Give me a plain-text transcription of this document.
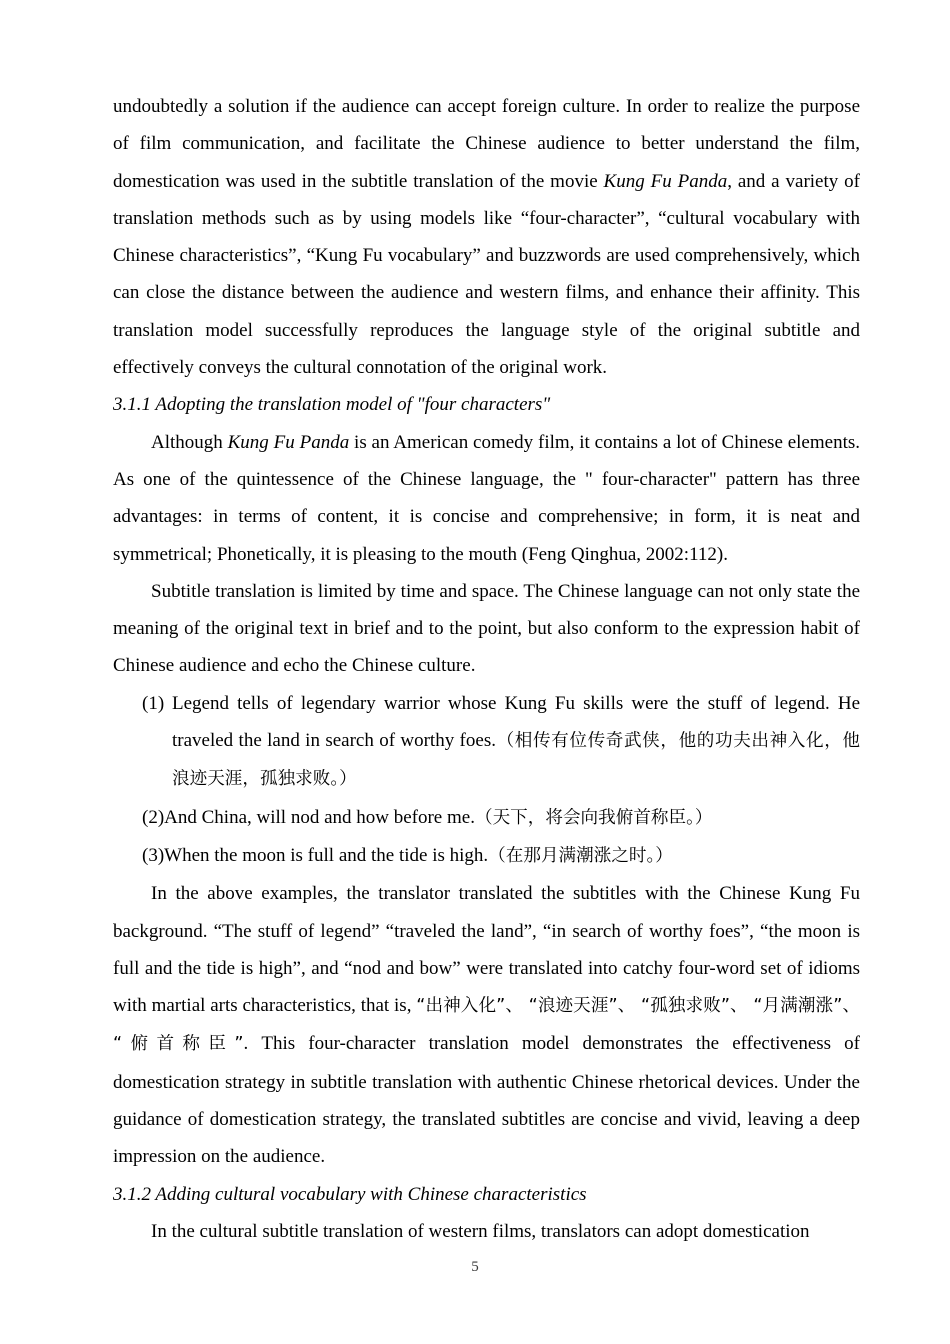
undoubtedly a solution if the audience can accept foreign culture. In order to realize the purpose of film communication, and facilitate the Chinese audience to better understand the film, domestication was used in the subtitle translation of the movie Kung Fu Panda, and a variety of translation methods such as by using models like “four-character”, “cultural vocabulary with Chinese characteristics”, “Kung Fu vocabulary” and buzzwords are used comprehensively, which can close the distance between the audience and western films, and enhance their affinity. This translation model successfully reproduces the language style of the original subtitle and effectively conveys the cultural connotation of the original work.

3.1.1 Adopting the translation model of "four characters"

Although Kung Fu Panda is an American comedy film, it contains a lot of Chinese elements. As one of the quintessence of the Chinese language, the " four-character" pattern has three advantages: in terms of content, it is concise and comprehensive; in form, it is neat and symmetrical; Phonetically, it is pleasing to the mouth (Feng Qinghua, 2002:112).

Subtitle translation is limited by time and space. The Chinese language can not only state the meaning of the original text in brief and to the point, but also conform to the expression habit of Chinese audience and echo the Chinese culture.

(1) Legend tells of legendary warrior whose Kung Fu skills were the stuff of legend. He traveled the land in search of worthy foes.（相传有位传奇武侠，他的功夫出神入化，他浪迹天涯，孤独求败。）

(2)And China, will nod and how before me.（天下，将会向我俯首称臣。）

(3)When the moon is full and the tide is high.（在那月满潮涨之时。）

In the above examples, the translator translated the subtitles with the Chinese Kung Fu background. “The stuff of legend” “traveled the land”, “in search of worthy foes”, “the moon is full and the tide is high”, and “nod and bow” were translated into catchy four-word set of idioms with martial arts characteristics, that is, “出神入化”、 “浪迹天涯”、 “孤独求败”、 “月满潮涨”、 “俯首称臣”. This four-character translation model demonstrates the effectiveness of domestication strategy in subtitle translation with authentic Chinese rhetorical devices. Under the guidance of domestication strategy, the translated subtitles are concise and vivid, leaving a deep impression on the audience.

3.1.2 Adding cultural vocabulary with Chinese characteristics

In the cultural subtitle translation of western films, translators can adopt domestication

5
